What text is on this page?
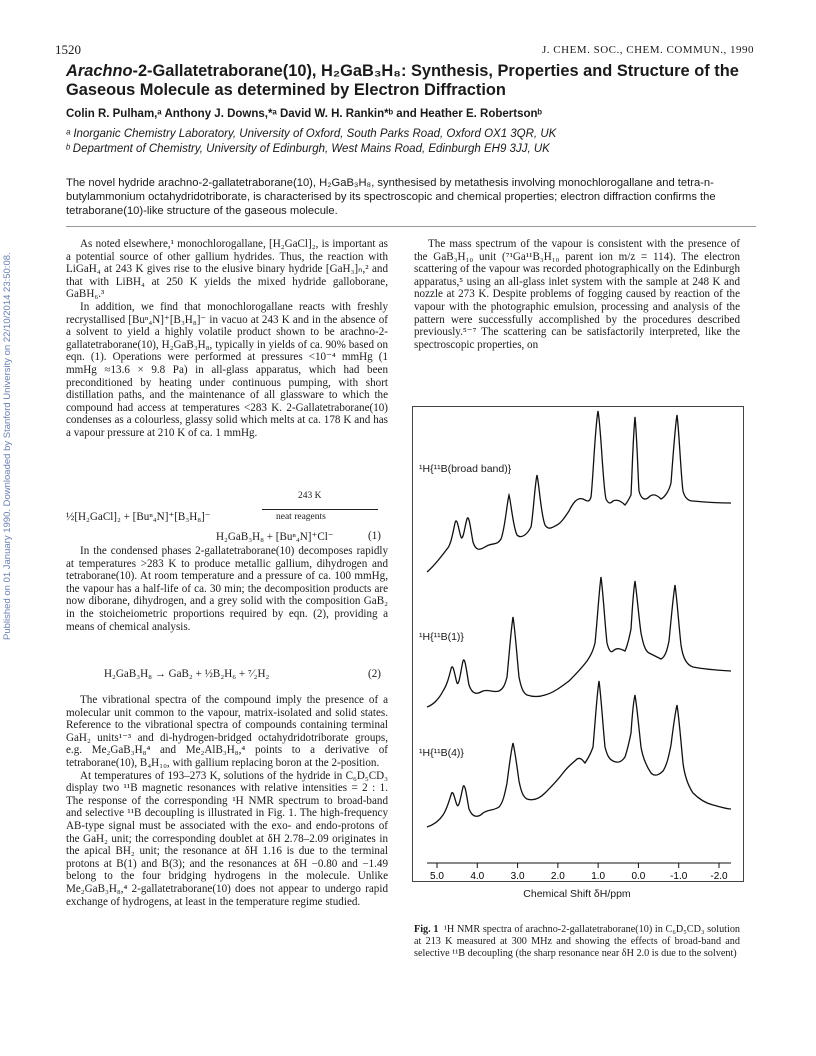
Published on 01 January 1990. Downloaded by Stanford University on 22/10/2014 23:50:08.
1520	J. CHEM. SOC., CHEM. COMMUN., 1990
Arachno-2-Gallatetraborane(10), H₂GaB₃H₈: Synthesis, Properties and Structure of the Gaseous Molecule as determined by Electron Diffraction
Colin R. Pulham,ᵃ Anthony J. Downs,*ᵃ David W. H. Rankin*ᵇ and Heather E. Robertsonᵇ
ᵃ Inorganic Chemistry Laboratory, University of Oxford, South Parks Road, Oxford OX1 3QR, UK
ᵇ Department of Chemistry, University of Edinburgh, West Mains Road, Edinburgh EH9 3JJ, UK
The novel hydride arachno-2-gallatetraborane(10), H₂GaB₃H₈, synthesised by metathesis involving monochlorogallane and tetra-n-butylammonium octahydridotriborate, is characterised by its spectroscopic and chemical properties; electron diffraction confirms the tetraborane(10)-like structure of the gaseous molecule.

As noted elsewhere,¹ monochlorogallane, [H₂GaCl]₂, is important as a potential source of other gallium hydrides. Thus, the reaction with LiGaH₄ at 243 K gives rise to the elusive binary hydride [GaH₃]ₙ,² and that with LiBH₄ at 250 K yields the mixed hydride galloborane, GaBH₆.³

In addition, we find that monochlorogallane reacts with freshly recrystallised [Buⁿ₄N]⁺[B₃H₈]⁻ in vacuo at 243 K and in the absence of a solvent to yield a highly volatile product shown to be arachno-2-gallatetraborane(10), H₂GaB₃H₈, typically in yields of ca. 90% based on eqn. (1). Operations were performed at pressures <10⁻⁴ mmHg (1 mmHg ≈13.6 × 9.8 Pa) in all-glass apparatus, which had been preconditioned by heating under continuous pumping, with short distillation paths, and the maintenance of all glassware to which the compound had access at temperatures <283 K. 2-Gallatetraborane(10) condenses as a colourless, glassy solid which melts at ca. 178 K and has a vapour pressure at 210 K of ca. 1 mmHg.

½[H₂GaCl]₂ + [Buⁿ₄N]⁺[B₃H₈]⁻
243 K
neat reagents
H₂GaB₃H₈ + [Buⁿ₄N]⁺Cl⁻	(1)

In the condensed phases 2-gallatetraborane(10) decomposes rapidly at temperatures >283 K to produce metallic gallium, dihydrogen and tetraborane(10). At room temperature and a pressure of ca. 100 mmHg, the vapour has a half-life of ca. 30 min; the decomposition products are now diborane, dihydrogen, and a grey solid with the composition GaB₂ in the stoicheiometric proportions required by eqn. (2), providing a means of chemical analysis.

H₂GaB₃H₈ → GaB₂ + ½B₂H₆ + ⁷⁄₂H₂	(2)

The vibrational spectra of the compound imply the presence of a molecular unit common to the vapour, matrix-isolated and solid states. Reference to the vibrational spectra of compounds containing terminal GaH₂ units¹⁻³ and di-hydrogen-bridged octahydridotriborate groups, e.g. Me₂GaB₃H₈⁴ and Me₂AlB₃H₈,⁴ points to a derivative of tetraborane(10), B₄H₁₀, with gallium replacing boron at the 2-position.

At temperatures of 193–273 K, solutions of the hydride in C₆D₅CD₃ display two ¹¹B magnetic resonances with relative intensities = 2 : 1. The response of the corresponding ¹H NMR spectrum to broad-band and selective ¹¹B decoupling is illustrated in Fig. 1. The high-frequency AB-type signal must be associated with the exo- and endo-protons of the GaH₂ unit; the corresponding doublet at δH 2.78–2.09 originates in the apical BH₂ unit; the resonance at δH 1.16 is due to the terminal protons at B(1) and B(3); and the resonances at δH −0.80 and −1.49 belong to the four bridging hydrogens in the molecule. Unlike Me₂GaB₃H₈,⁴ 2-gallatetraborane(10) does not appear to undergo rapid exchange of hydrogens, at least in the temperature regime studied.

The mass spectrum of the vapour is consistent with the presence of the GaB₃H₁₀ unit (⁷¹Ga¹¹B₃H₁₀ parent ion m/z = 114). The electron scattering of the vapour was recorded photographically on the Edinburgh apparatus,⁵ using an all-glass inlet system with the sample at 248 K and nozzle at 273 K. Despite problems of fogging caused by reaction of the vapour with the photographic emulsion, processing and analysis of the pattern were successfully accomplished by the procedures described previously.⁵⁻⁷ The scattering can be satisfactorily interpreted, like the spectroscopic properties, on

5.0	4.0	3.0	2.0	1.0	0.0 -1.0 -2.0
¹H{¹¹B(broad band)}
¹H{¹¹B(1)}
¹H{¹¹B(4)}
Chemical Shift δH/ppm
Fig. 1 ¹H NMR spectra of arachno-2-gallatetraborane(10) in C₆D₅CD₃ solution at 213 K measured at 300 MHz and showing the effects of broad-band and selective ¹¹B decoupling (the sharp resonance near δH 2.0 is due to the solvent)
